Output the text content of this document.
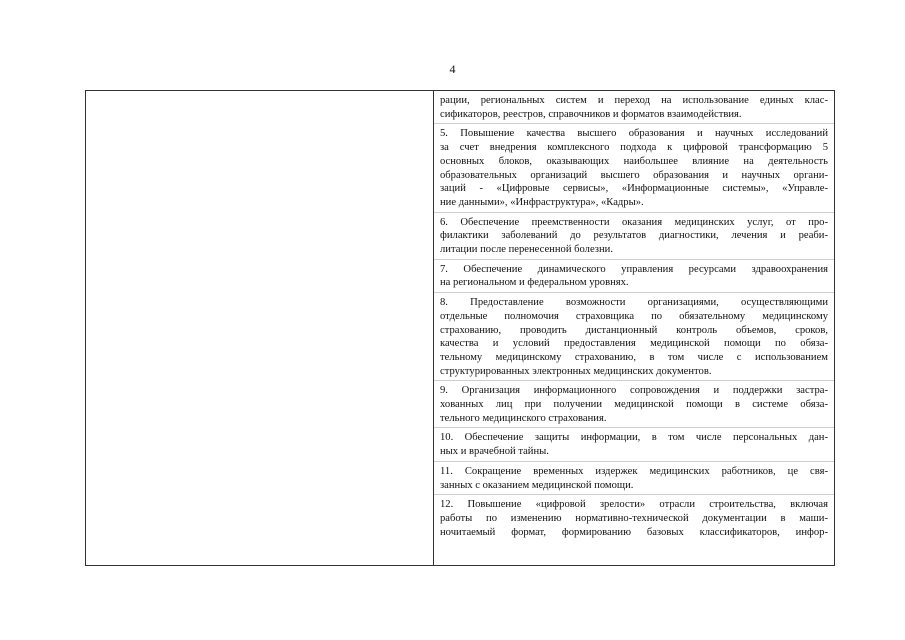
4
рации, региональных систем и переход на использование единых клас-
сификаторов, реестров, справочников и форматов взаимодействия.
5. Повышение качества высшего образования и научных исследований
за счет внедрения комплексного подхода к цифровой трансформацию 5
основных блоков, оказывающих наибольшее влияние на деятельность
образовательных организаций высшего образования и научных органи-
заций - «Цифровые сервисы», «Информационные системы», «Управле-
ние данными», «Инфраструктура», «Кадры».
6. Обеспечение преемственности оказания медицинских услуг, от про-
филактики заболеваний до результатов диагностики, лечения и реаби-
литации после перенесенной болезни.
7. Обеспечение динамического управления ресурсами здравоохранения
на региональном и федеральном уровнях.
8. Предоставление возможности организациями, осуществляющими
отдельные полномочия страховщика по обязательному медицинскому
страхованию, проводить дистанционный контроль объемов, сроков,
качества и условий предоставления медицинской помощи по обяза-
тельному медицинскому страхованию, в том числе с использованием
структурированных электронных медицинских документов.
9. Организация информационного сопровождения и поддержки застра-
хованных лиц при получении медицинской помощи в системе обяза-
тельного медицинского страхования.
10. Обеспечение защиты информации, в том числе персональных дан-
ных и врачебной тайны.
11. Сокращение временных издержек медицинских работников, це свя-
занных с оказанием медицинской помощи.
12. Повышение «цифровой зрелости» отрасли строительства, включая
работы по изменению нормативно-технической документации в маши-
ночитаемый формат, формированию базовых классификаторов, инфор-
